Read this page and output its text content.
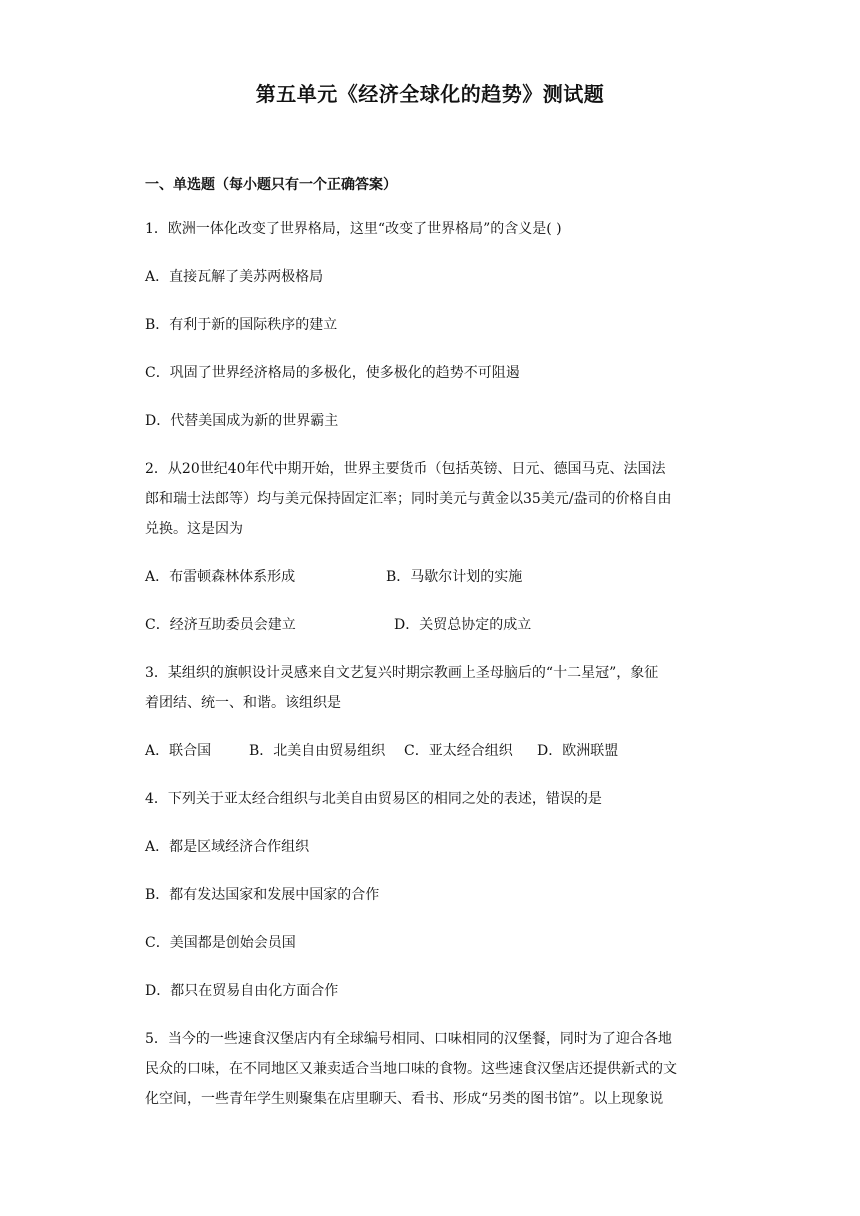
第五单元《经济全球化的趋势》测试题
一、单选题（每小题只有一个正确答案）
1．欧洲一体化改变了世界格局，这里“改变了世界格局”的含义是( )
A．直接瓦解了美苏两极格局
B．有利于新的国际秩序的建立
C．巩固了世界经济格局的多极化，使多极化的趋势不可阻遏
D．代替美国成为新的世界霸主
2．从20世纪40年代中期开始，世界主要货币（包括英镑、日元、德国马克、法国法
郎和瑞士法郎等）均与美元保持固定汇率；同时美元与黄金以35美元/盎司的价格自由
兑换。这是因为
A．布雷顿森林体系形成	B．马歇尔计划的实施
C．经济互助委员会建立	D．关贸总协定的成立
3．某组织的旗帜设计灵感来自文艺复兴时期宗教画上圣母脑后的“十二星冠”，象征
着团结、统一、和谐。该组织是
A．联合国	B．北美自由贸易组织	C．亚太经合组织	D．欧洲联盟
4．下列关于亚太经合组织与北美自由贸易区的相同之处的表述，错误的是
A．都是区域经济合作组织
B．都有发达国家和发展中国家的合作
C．美国都是创始会员国
D．都只在贸易自由化方面合作
5．当今的一些速食汉堡店内有全球编号相同、口味相同的汉堡餐，同时为了迎合各地
民众的口味，在不同地区又兼卖适合当地口味的食物。这些速食汉堡店还提供新式的文
化空间，一些青年学生则聚集在店里聊天、看书、形成“另类的图书馆”。以上现象说
